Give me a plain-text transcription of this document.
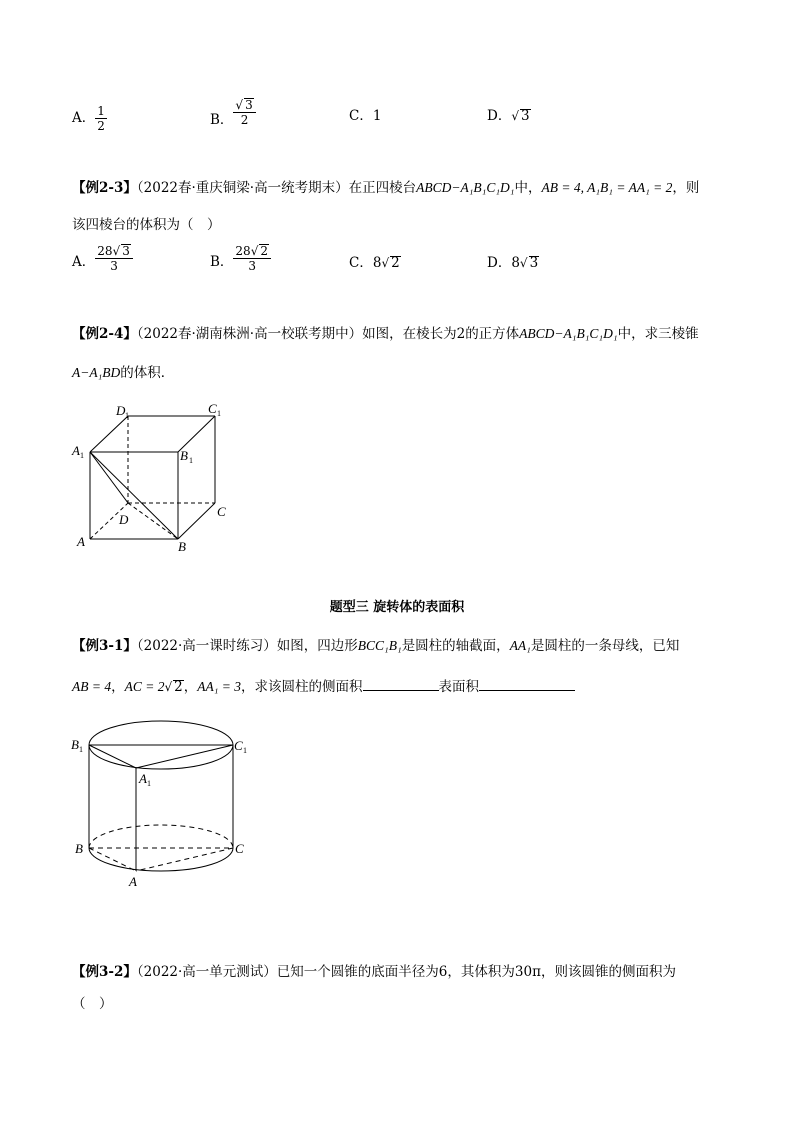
A． $\frac{1}{2}$	B． $\frac{√ 3}{2}$	C．1	D．√ 3
【例2-3】（2022春·重庆铜梁·高一统考期末）在正四棱台ABCD−A₁B₁C₁D₁中，AB = 4, A₁B₁ = AA₁ = 2，则
该四棱台的体积为（　）
A． $\frac{28√ 3}{3}$	B． $\frac{28√ 2}{3}$	C．8√ 2	D．8√ 3
【例2-4】（2022春·湖南株洲·高一校联考期中）如图，在棱长为2的正方体ABCD−A₁B₁C₁D₁中，求三棱锥
A−A₁BD的体积．
D 1	C 1
A 1	B 1
D
C
A	B
题型三 旋转体的表面积
【例3-1】（2022·高一课时练习）如图，四边形BCC₁B₁是圆柱的轴截面，AA₁是圆柱的一条母线，已知
AB = 4，AC = 2√ 2，AA₁ = 3，求该圆柱的侧面积	表面积
B 1	C 1
A 1
B	C
A
【例3-2】（2022·高一单元测试）已知一个圆锥的底面半径为6，其体积为30π，则该圆锥的侧面积为
（　）
